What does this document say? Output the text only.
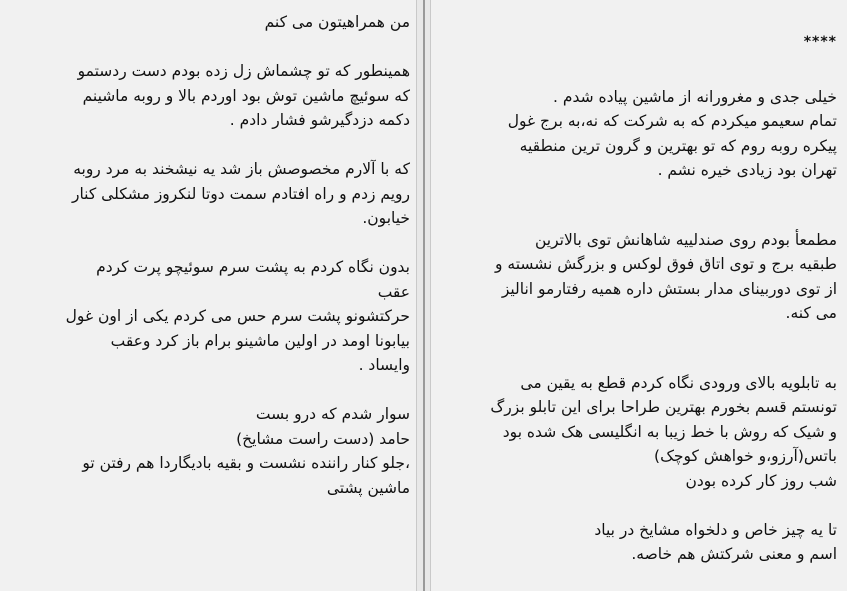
من همراهیتون می کنم

همینطور که تو چشماش زل زده بودم دست ردستمو
که سوئیچ ماشین توش بود اوردم بالا و روبه ماشینم
دکمه دزدگیرشو فشار دادم .

که با آلارم مخصوصش باز شد یه نیشخند به مرد روبه
رویم زدم و راه افتادم سمت دوتا لنکروز مشکلی کنار
خیابون.

بدون نگاه کردم به پشت سرم سوئیچو پرت کردم
عقب

حرکتشونو پشت سرم حس می کردم یکی از اون غول
بیابونا اومد در اولین ماشینو برام باز کرد وعقب
وایساد .

سوار شدم که درو بست
حامد (دست راست مشایخ)
،جلو کنار راننده نشست و بقیه بادیگاردا هم رفتن تو
ماشین پشتی

****

خیلی جدی و مغرورانه از ماشین پیاده شدم .
تمام سعیمو میکردم که به شرکت که نه،به برج غول
پیکره روبه روم که تو بهترین و گرون ترین منطقیه
تهران بود زیادی خیره نشم .

مطمعأ بودم روی صندلییه شاهانش توی بالاترین
طبقیه برج و توی اتاق فوق لوکس و بزرگش نشسته و
از توی دوربینای مدار بستش داره همیه رفتارمو انالیز
می کنه.

به تابلویه بالای ورودی نگاه کردم قطع به یقین می
تونستم قسم بخورم بهترین طراحا برای این تابلو بزرگ
و شیک که روش با خط زیبا به انگلیسی هک شده بود
باتس(آرزو،و خواهش کوچک)
شب روز کار کرده بودن

تا یه چیز خاص و دلخواه مشایخ در بیاد
اسم و معنی شرکتش هم خاصه.
